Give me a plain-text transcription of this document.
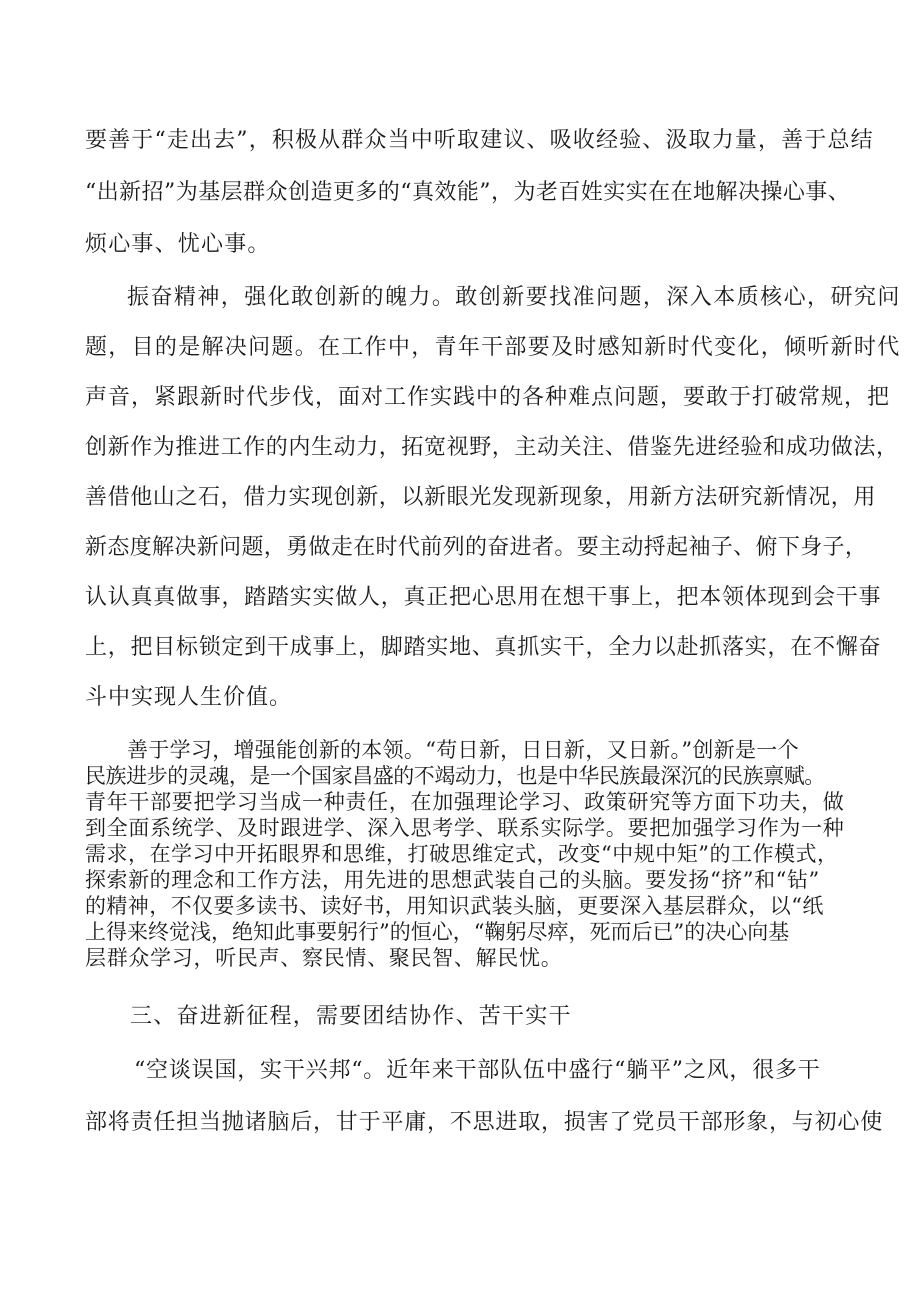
要善于“走出去”，积极从群众当中听取建议、吸收经验、汲取力量，善于总结

“出新招”为基层群众创造更多的“真效能”，为老百姓实实在在地解决操心事、

烦心事、忧心事。

振奋精神，强化敢创新的魄力。敢创新要找准问题，深入本质核心，研究问

题，目的是解决问题。在工作中，青年干部要及时感知新时代变化，倾听新时代

声音，紧跟新时代步伐，面对工作实践中的各种难点问题，要敢于打破常规，把

创新作为推进工作的内生动力，拓宽视野，主动关注、借鉴先进经验和成功做法，

善借他山之石，借力实现创新，以新眼光发现新现象，用新方法研究新情况，用

新态度解决新问题，勇做走在时代前列的奋进者。要主动捋起袖子、俯下身子，

认认真真做事，踏踏实实做人，真正把心思用在想干事上，把本领体现到会干事

上，把目标锁定到干成事上，脚踏实地、真抓实干，全力以赴抓落实，在不懈奋

斗中实现人生价值。

善于学习，增强能创新的本领。“苟日新，日日新，又日新。”创新是一个

民族进步的灵魂，是一个国家昌盛的不竭动力，也是中华民族最深沉的民族禀赋。

青年干部要把学习当成一种责任，在加强理论学习、政策研究等方面下功夫，做

到全面系统学、及时跟进学、深入思考学、联系实际学。要把加强学习作为一种

需求，在学习中开拓眼界和思维，打破思维定式，改变“中规中矩”的工作模式，

探索新的理念和工作方法，用先进的思想武装自己的头脑。要发扬“挤”和“钻”

的精神，不仅要多读书、读好书，用知识武装头脑，更要深入基层群众，以“纸

上得来终觉浅，绝知此事要躬行”的恒心，“鞠躬尽瘁，死而后已”的决心向基

层群众学习，听民声、察民情、聚民智、解民忧。

三、奋进新征程，需要团结协作、苦干实干

“空谈误国，实干兴邦“。近年来干部队伍中盛行“躺平”之风，很多干

部将责任担当抛诸脑后，甘于平庸，不思进取，损害了党员干部形象，与初心使
